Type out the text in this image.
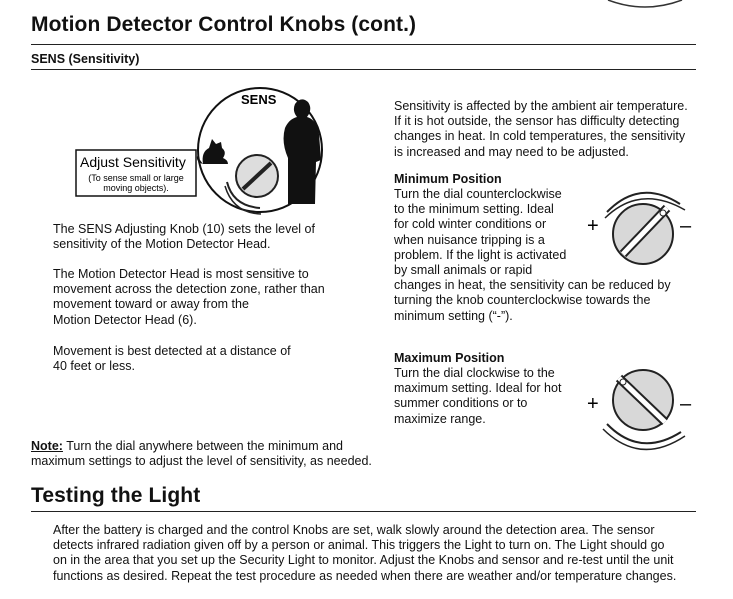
Motion Detector Control Knobs (cont.)
SENS (Sensitivity)
SENS
Adjust Sensitivity
(To sense small or large
moving objects).
The SENS Adjusting Knob (10) sets the level of
sensitivity of the Motion Detector Head.
The Motion Detector Head is most sensitive to
movement across the detection zone, rather than
movement toward or away from the
Motion Detector Head (6).
Movement is best detected at a distance of
40 feet or less.
Note: Turn the dial anywhere between the minimum and
maximum settings to adjust the level of sensitivity, as needed.
Sensitivity is affected by the ambient air temperature.
If it is hot outside, the sensor has difficulty detecting
changes in heat. In cold temperatures, the sensitivity
is increased and may need to be adjusted.
Minimum Position
Turn the dial counterclockwise
to the minimum setting. Ideal
for cold winter conditions or
when nuisance tripping is a
problem. If the light is activated
by small animals or rapid
changes in heat, the sensitivity can be reduced by
turning the knob counterclockwise towards the
minimum setting (“-”).
+	–
Maximum Position
Turn the dial clockwise to the
maximum setting. Ideal for hot
summer conditions or to
maximize range.
+	–
Testing the Light
After the battery is charged and the control Knobs are set, walk slowly around the detection area. The sensor
detects infrared radiation given off by a person or animal. This triggers the Light to turn on. The Light should go
on in the area that you set up the Security Light to monitor. Adjust the Knobs and sensor and re-test until the unit
functions as desired. Repeat the test procedure as needed when there are weather and/or temperature changes.
